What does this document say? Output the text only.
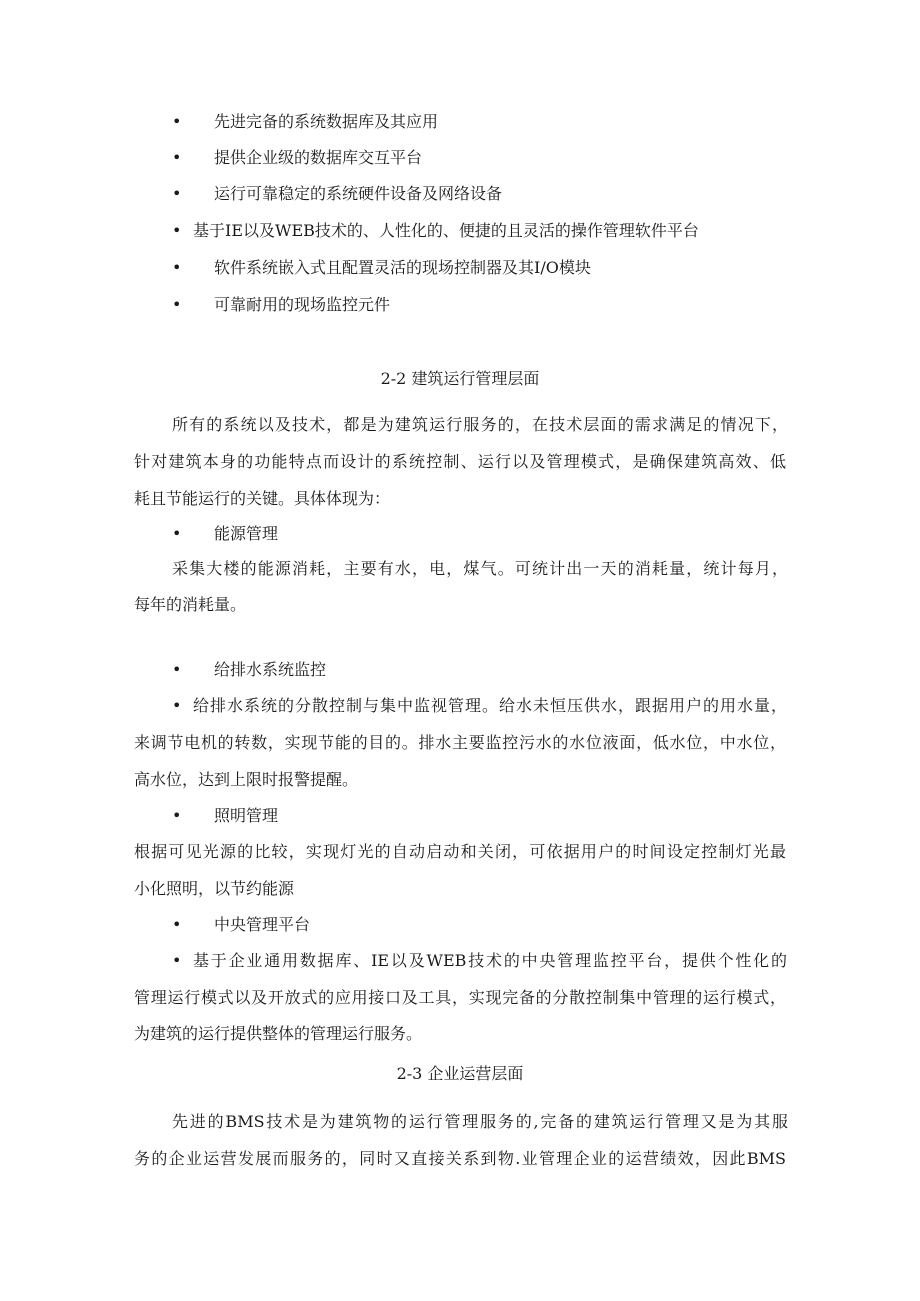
• 先进完备的系统数据库及其应用
• 提供企业级的数据库交互平台
• 运行可靠稳定的系统硬件设备及网络设备
• 基于IE以及WEB技术的、人性化的、便捷的且灵活的操作管理软件平台
• 软件系统嵌入式且配置灵活的现场控制器及其I/O模块
• 可靠耐用的现场监控元件
2-2 建筑运行管理层面
所有的系统以及技术，都是为建筑运行服务的，在技术层面的需求满足的情况下，
针对建筑本身的功能特点而设计的系统控制、运行以及管理模式，是确保建筑高效、低
耗且节能运行的关键。具体体现为：
• 能源管理
采集大楼的能源消耗，主要有水，电，煤气。可统计出一天的消耗量，统计每月，
每年的消耗量。
• 给排水系统监控
• 给排水系统的分散控制与集中监视管理。给水未恒压供水，跟据用户的用水量，
来调节电机的转数，实现节能的目的。排水主要监控污水的水位液面，低水位，中水位，
高水位，达到上限时报警提醒。
• 照明管理
根据可见光源的比较，实现灯光的自动启动和关闭，可依据用户的时间设定控制灯光最
小化照明，以节约能源
• 中央管理平台
• 基于企业通用数据库、IE以及WEB技术的中央管理监控平台，提供个性化的
管理运行模式以及开放式的应用接口及工具，实现完备的分散控制集中管理的运行模式，
为建筑的运行提供整体的管理运行服务。
2-3 企业运营层面
先进的BMS技术是为建筑物的运行管理服务的,完备的建筑运行管理又是为其服
务的企业运营发展而服务的，同时又直接关系到物.业管理企业的运营绩效，因此BMS
